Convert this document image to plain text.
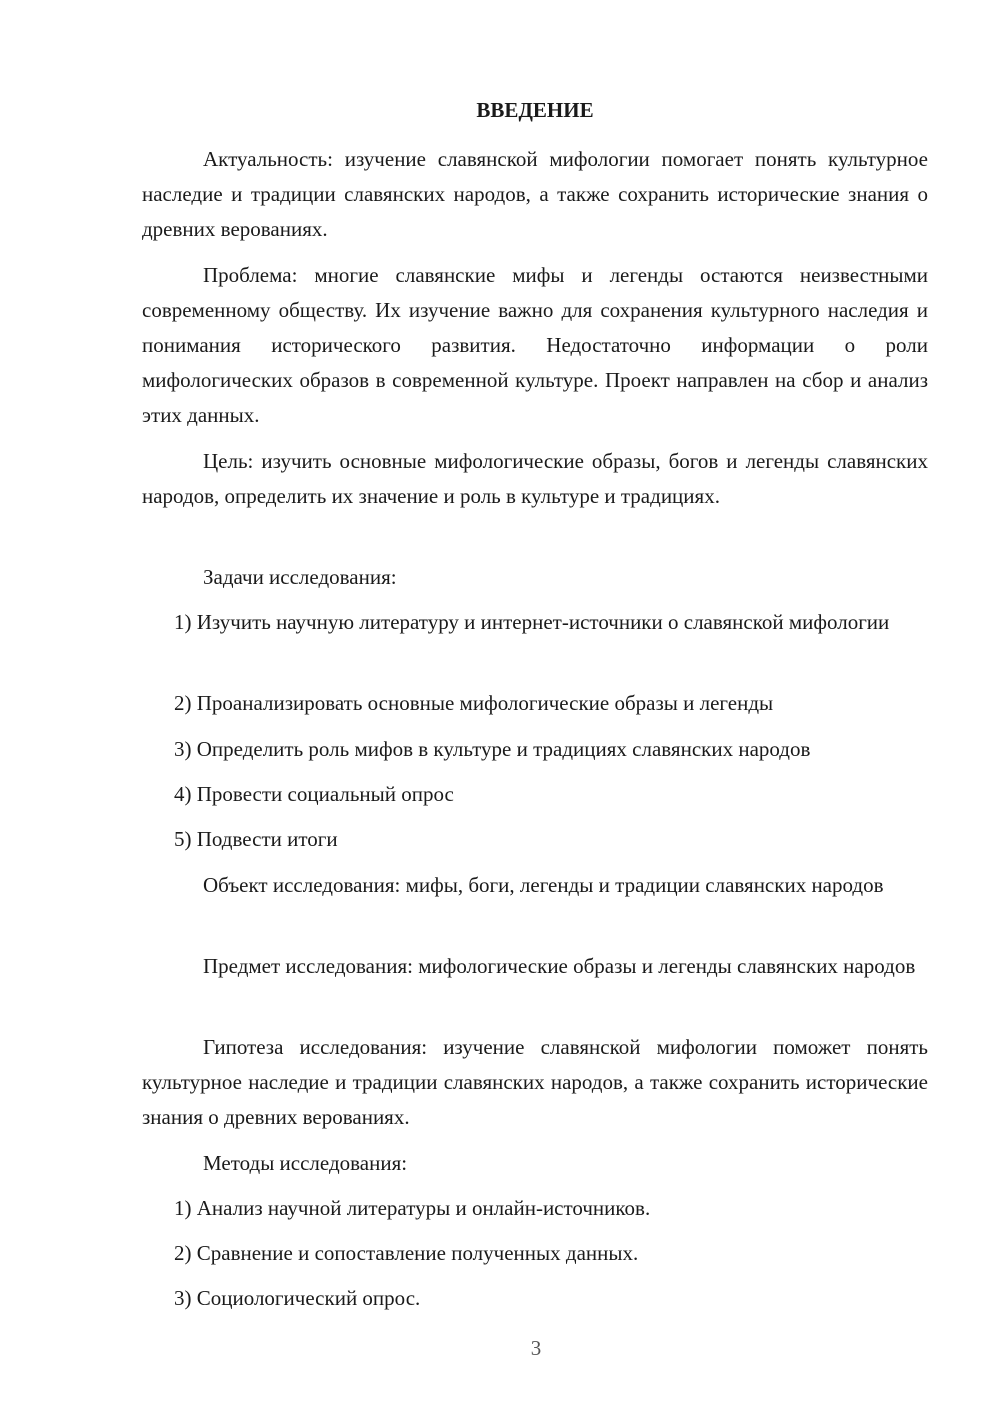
ВВЕДЕНИЕ

Актуальность: изучение славянской мифологии помогает понять культурное наследие и традиции славянских народов, а также сохранить исторические знания о древних верованиях.

Проблема: многие славянские мифы и легенды остаются неизвестными современному обществу. Их изучение важно для сохранения культурного наследия и понимания исторического развития. Недостаточно информации о роли мифологических образов в современной культуре. Проект направлен на сбор и анализ этих данных.

Цель: изучить основные мифологические образы, богов и легенды славянских народов, определить их значение и роль в культуре и традициях.

Задачи исследования:

1) Изучить научную литературу и интернет-источники о славянской мифологии

2) Проанализировать основные мифологические образы и легенды

3) Определить роль мифов в культуре и традициях славянских народов

4) Провести социальный опрос

5) Подвести итоги

Объект исследования: мифы, боги, легенды и традиции славянских народов

Предмет исследования: мифологические образы и легенды славянских народов

Гипотеза исследования: изучение славянской мифологии поможет понять культурное наследие и традиции славянских народов, а также сохранить исторические знания о древних верованиях.

Методы исследования:

1) Анализ научной литературы и онлайн-источников.

2) Сравнение и сопоставление полученных данных.

3) Социологический опрос.

3
